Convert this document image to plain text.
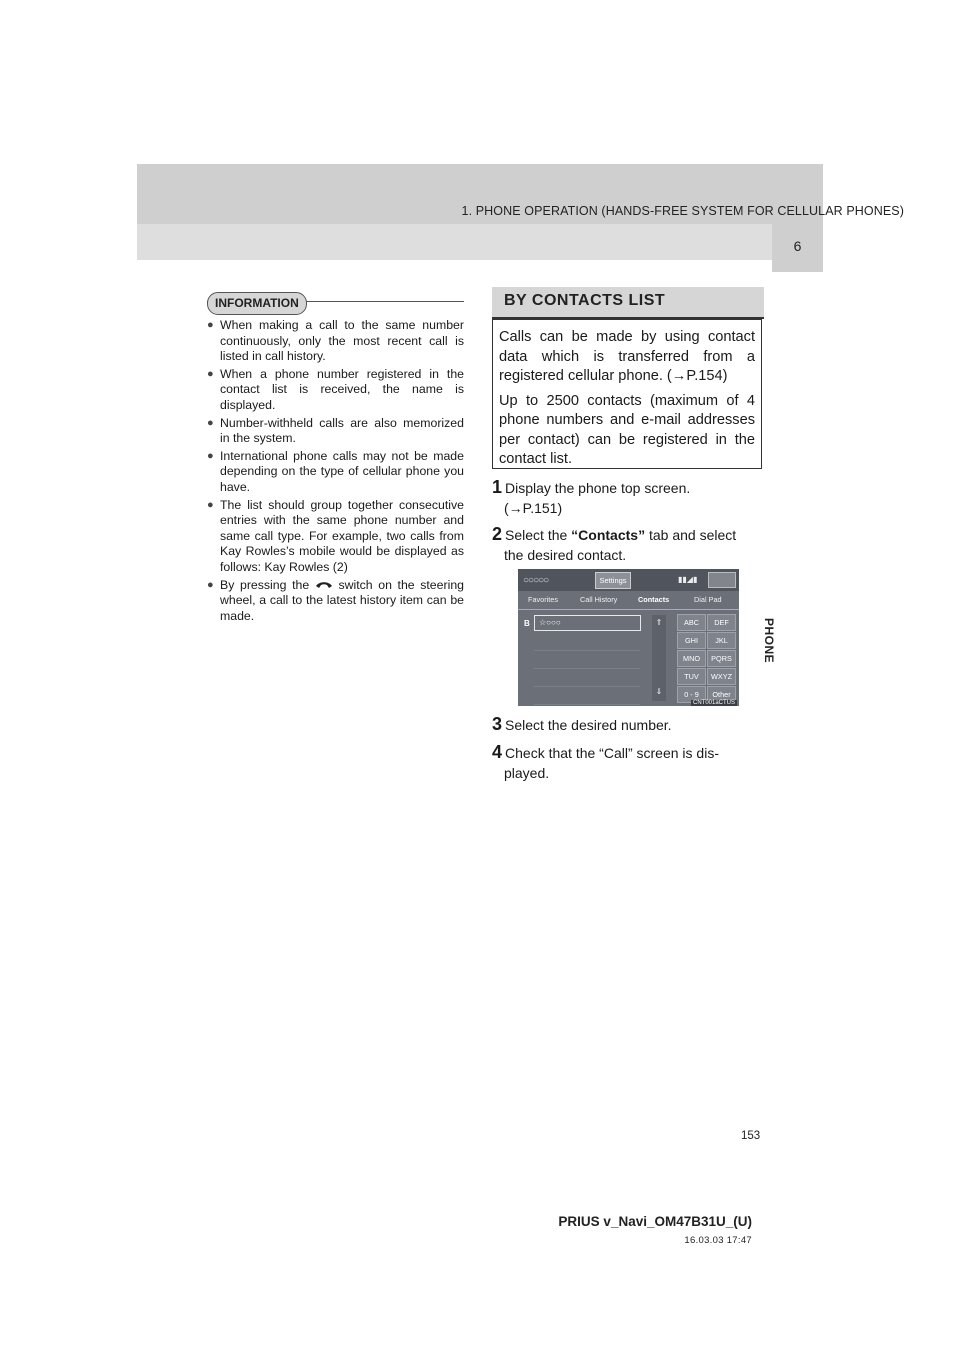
1. PHONE OPERATION (HANDS-FREE SYSTEM FOR CELLULAR PHONES)
6
PHONE
INFORMATION
● When making a call to the same number continuously, only the most recent call is listed in call history.
● When a phone number registered in the contact list is received, the name is displayed.
● Number-withheld calls are also memorized in the system.
● International phone calls may not be made depending on the type of cellular phone you have.
● The list should group together consecutive entries with the same phone number and same call type. For example, two calls from Kay Rowles’s mobile would be displayed as follows: Kay Rowles (2)
● By pressing the switch on the steering wheel, a call to the latest history item can be made.
BY CONTACTS LIST

Calls can be made by using contact data which is transferred from a registered cellular phone. (→P.154)

Up to 2500 contacts (maximum of 4 phone numbers and e-mail addresses per contact) can be registered in the contact list.

1 Display the phone top screen.
(→P.151)
2 Select the “Contacts” tab and select
the desired contact.
○○○○○	Settings	▮▮◢▮
Favorites	Call History	Contacts	Dial Pad
B	☆○○○	⇑
⇓
ABC	DEF
GHI	JKL
MNO	PQRS
TUV	WXYZ
0 - 9	Other
CNT001aCTUS
3 Select the desired number.
4 Check that the “Call” screen is dis-
played.
153
PRIUS v_Navi_OM47B31U_(U)
16.03.03 17:47
